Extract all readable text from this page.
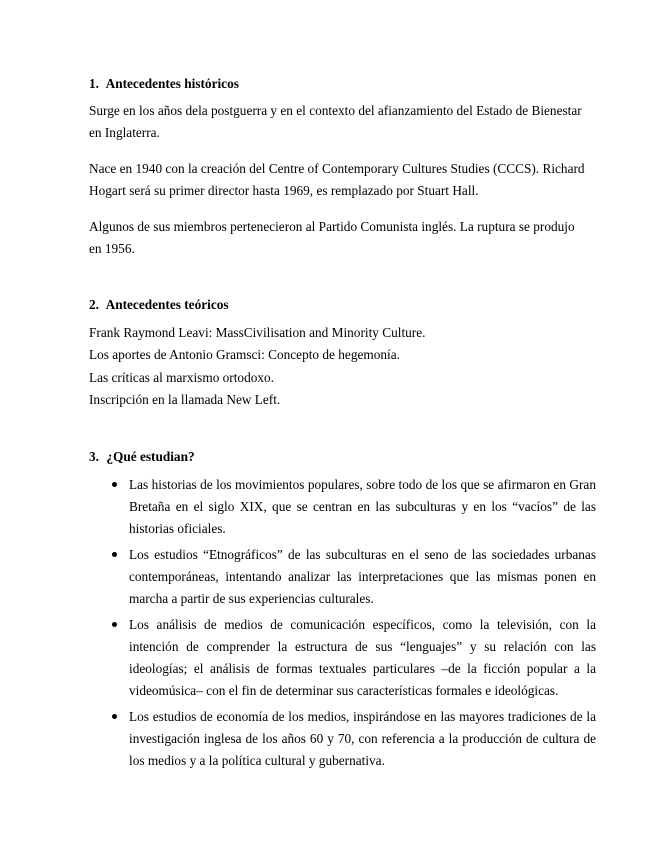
1. Antecedentes históricos

Surge en los años dela postguerra y en el contexto del afianzamiento del Estado de Bienestar en Inglaterra.

Nace en 1940 con la creación del Centre of Contemporary Cultures Studies (CCCS). Richard Hogart será su primer director hasta 1969, es remplazado por Stuart Hall.

Algunos de sus miembros pertenecieron al Partido Comunista inglés. La ruptura se produjo en 1956.

2. Antecedentes teóricos

Frank Raymond Leavi: MassCivilisation and Minority Culture.

Los aportes de Antonio Gramsci: Concepto de hegemonía.

Las críticas al marxismo ortodoxo.

Inscripción en la llamada New Left.

3. ¿Qué estudian?
Las historias de los movimientos populares, sobre todo de los que se afirmaron en Gran Bretaña en el siglo XIX, que se centran en las subculturas y en los “vacíos” de las historias oficiales.
Los estudios “Etnográficos” de las subculturas en el seno de las sociedades urbanas contemporáneas, intentando analizar las interpretaciones que las mismas ponen en marcha a partir de sus experiencias culturales.
Los análisis de medios de comunicación específicos, como la televisión, con la intención de comprender la estructura de sus “lenguajes” y su relación con las ideologías; el análisis de formas textuales particulares –de la ficción popular a la videomúsica– con el fin de determinar sus características formales e ideológicas.
Los estudios de economía de los medios, inspirándose en las mayores tradiciones de la investigación inglesa de los años 60 y 70, con referencia a la producción de cultura de los medios y a la política cultural y gubernativa.
